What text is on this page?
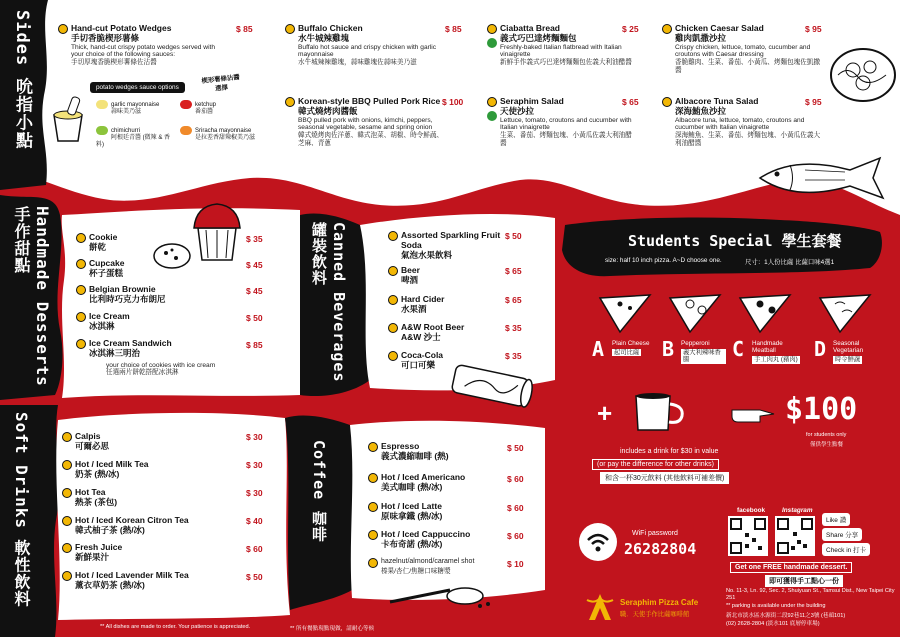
Sides 吮指小點
Handmade Desserts 手作甜點
Soft Drinks 軟性飲料
Canned Beverages 罐裝飲料
Coffee 咖啡
Hand-cut Potato Wedges
手切香脆楔形薯條
Thick, hand-cut crispy potato wedges served with your choice of the following sauces:
手切厚塊香脆楔形薯條佐沾醬
$ 85
potato wedges sauce options
楔形薯條沾醬選擇
garlic mayonnaise
蒜味美乃滋
ketchup
番茄醬
chimichurri
阿根廷青醬 (微辣 & 香料)
Sriracha mayonnaise
是拉差香甜辣椒美乃滋
Buffalo Chicken
水牛城辣雞塊
Buffalo hot sauce and crispy chicken with garlic mayonnaise
水牛城辣辣雞塊，蒜味雞塊佐蒜味美乃滋
$ 85	Ciabatta Bread
義式巧巴達烤麵麵包
Freshly-baked Italian flatbread with Italian vinaigrette
新鮮手作義式巧巴達烤麵麵包佐義大利油醋醬
$ 25	Chicken Caesar Salad
雞肉凱撒沙拉
Crispy chicken, lettuce, tomato, cucumber and croutons with Caesar dressing
香脆雞肉、生菜、番茄、小黃瓜、烤麵包塊佐凱撒醬
$ 95
Korean-style BBQ Pulled Pork Rice
韓式燒烤肉醬飯
BBQ pulled pork with onions, kimchi, peppers, seasonal vegetable, sesame and spring onion
韓式燒烤肉佐洋蔥、韓式泡菜、胡椒、時令鮮蔬、芝麻、青蔥
$ 100	Seraphim Salad
天使沙拉
Lettuce, tomato, croutons and cucumber with Italian vinaigrette
生菜、番茄、烤麵包塊、小黃瓜佐義大利油醋醬
$ 65	Albacore Tuna Salad
深海鮪魚沙拉
Albacore tuna, lettuce, tomato, croutons and cucumber with Italian vinaigrette
深海鮪魚、生菜、番茄、烤麵包塊、小黃瓜佐義大利油醋醬
$ 95
Cookie
餅乾
$ 35
Cupcake
杯子蛋糕
$ 45
Belgian Brownie
比利時巧克力布朗尼
$ 45
Ice Cream
冰淇淋
$ 50
Ice Cream Sandwich
冰淇淋三明治
your choice of cookies with ice cream
任選兩片餅乾搭配冰淇淋
$ 85
Assorted Sparkling Fruit Soda
氣泡水果飲料
$ 50
Beer
啤酒
$ 65
Hard Cider
水果酒
$ 65
A&W Root Beer
A&W 沙士
$ 35
Coca-Cola
可口可樂
$ 35
Calpis
可爾必思
$ 30
Hot / Iced Milk Tea
奶茶 (熱/冰)
$ 30
Hot Tea
熱茶 (茶包)
$ 30
Hot / Iced Korean Citron Tea
韓式柚子茶 (熱/冰)
$ 40
Fresh Juice
新鮮果汁
$ 60
Hot / Iced Lavender Milk Tea
薰衣草奶茶 (熱/冰)
$ 50
Espresso
義式濃縮咖啡 (熱)
$ 50
Hot / Iced Americano
美式咖啡 (熱/冰)
$ 60
Hot / Iced Latte
原味拿鐵 (熱/冰)
$ 60
Hot / Iced Cappuccino
卡布奇諾 (熱/冰)
$ 60
hazelnut/almond/caramel shot
榛果/杏仁/焦糖口味糖漿
$ 10
Students Special 學生套餐
size: half 10 inch pizza. A~D choose one.	尺寸：1人份比薩 比薩口味4選1
A Plain Cheese
起司比薩	B Pepperoni
義大利辣味香腸	C Handmade Meatball
手工肉丸 (豬肉) D Seasonal Vegetarian
時令鮮蔬
+	$100
for students only
僅供學生點餐
includes a drink for $30 in value
(or pay the difference for other drinks)
和含一杯30元飲料 (其他飲料可補差價)
WiFi password
26282804
facebook	Instagram
Like 讚
Share 分享
Check in 打卡
Get one FREE handmade dessert.
即可獲得手工點心一份
Seraphim Pizza Cafe
職．天使手作比薩咖啡館
No. 11-3, Ln. 92, Sec. 2, Shuiyuan St., Tamsui Dist., New Taipei City 251
** parking is available under the building
新北市淡水區水源街二段92巷11之3號 (巷頭101)
(02) 2628-2804 (淡水101 底層停車場)
** All dishes are made to order. Your patience is appreciated.	** 所有餐點現點現做，請耐心等候
